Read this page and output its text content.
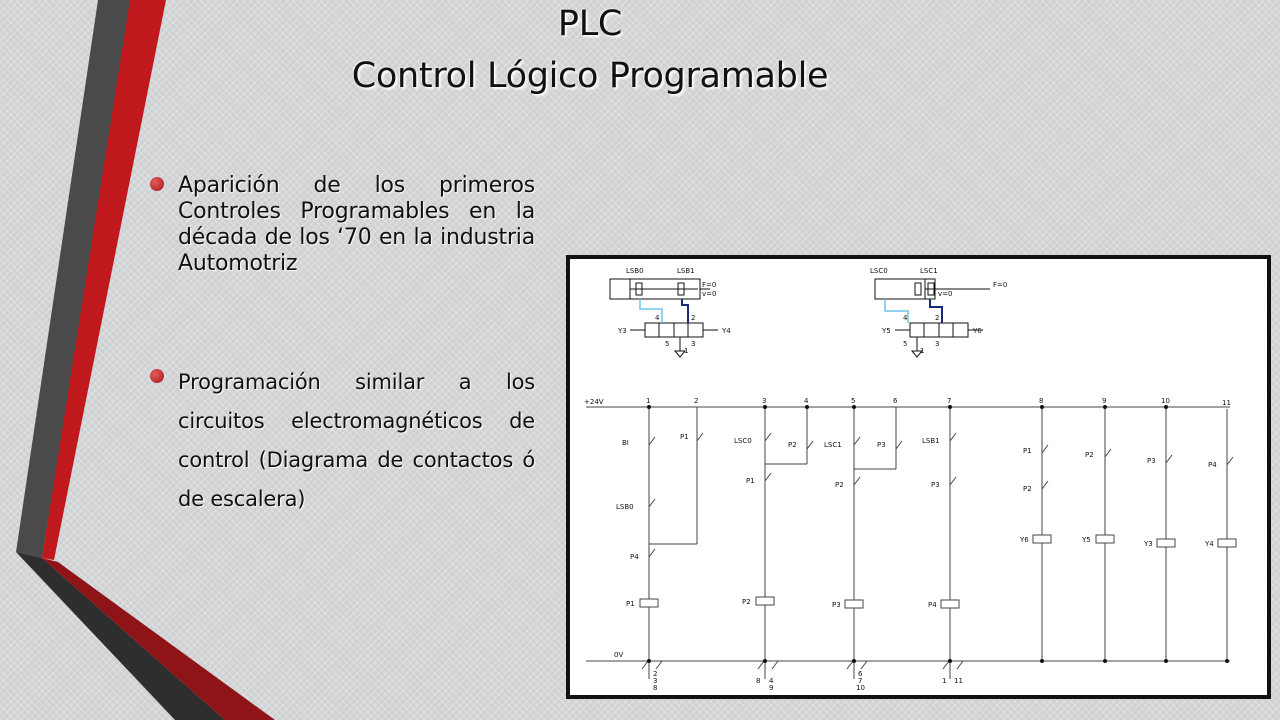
PLC
Control Lógico Programable
Aparición de los primeros Controles Programables en la década de los ‘70 en la industria Automotriz
Programación similar a los circuitos electromagnéticos de control (Diagrama de contactos ó de escalera)
LSB0	LSB1
F=0
v=0
Y3	Y4
4	2
5	3
1
LSC0	LSC1
F=0
v=0
Y5	Y6
4	2
5	3
1
+24V
0V
1	2	3	4	5	6	7	8	9	10	11
BI
P1
LSB0
P4
LSC0	P2
P1
LSC1	P3
P2
LSB1
P3
P1
P2
P2
P3	P4
P1	P2	P3	P4
Y6	Y5	Y3	Y4
2
3
8
8 4
9
6
7
10
1 11
